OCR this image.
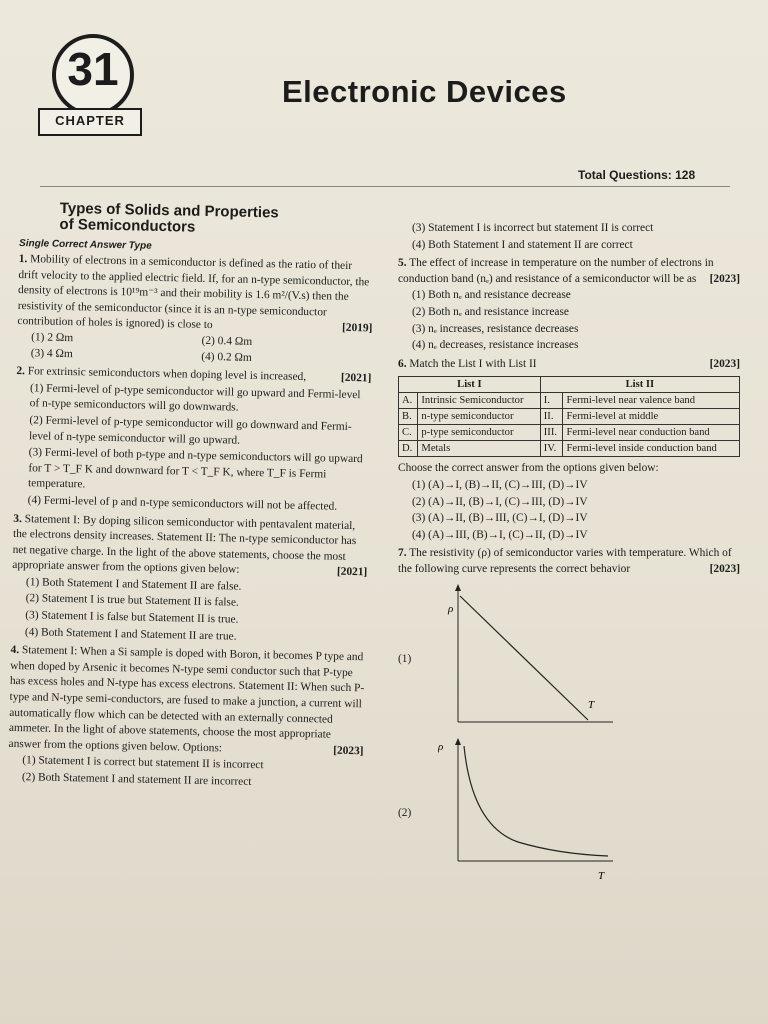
31
CHAPTER
Electronic Devices
Total Questions: 128
Types of Solids and Properties
of Semiconductors
Single Correct Answer Type
1. Mobility of electrons in a semiconductor is defined as the ratio of their drift velocity to the applied electric field. If, for an n-type semiconductor, the density of electrons is 10¹⁹m⁻³ and their mobility is 1.6 m²/(V.s) then the resistivity of the semiconductor (since it is an n-type semiconductor contribution of holes is ignored) is close to	[2019]
(1) 2 Ωm	(2) 0.4 Ωm
(3) 4 Ωm	(4) 0.2 Ωm
2. For extrinsic semiconductors when doping level is increased,	[2021]
(1) Fermi-level of p-type semiconductor will go upward and Fermi-level of n-type semiconductors will go downwards.
(2) Fermi-level of p-type semiconductor will go downward and Fermi-level of n-type semiconductor will go upward.
(3) Fermi-level of both p-type and n-type semiconductors will go upward for T > T_F K and downward for T < T_F K, where T_F is Fermi temperature.
(4) Fermi-level of p and n-type semiconductors will not be affected.
3. Statement I: By doping silicon semiconductor with pentavalent material, the electrons density increases. Statement II: The n-type semiconductor has net negative charge. In the light of the above statements, choose the most appropriate answer from the options given below:	[2021]
(1) Both Statement I and Statement II are false.
(2) Statement I is true but Statement II is false.
(3) Statement I is false but Statement II is true.
(4) Both Statement I and Statement II are true.
4. Statement I: When a Si sample is doped with Boron, it becomes P type and when doped by Arsenic it becomes N-type semi conductor such that P-type has excess holes and N-type has excess electrons. Statement II: When such P-type and N-type semi-conductors, are fused to make a junction, a current will automatically flow which can be detected with an externally connected ammeter. In the light of above statements, choose the most appropriate answer from the options given below. Options:	[2023]
(1) Statement I is correct but statement II is incorrect
(2) Both Statement I and statement II are incorrect
(3) Statement I is incorrect but statement II is correct
(4) Both Statement I and statement II are correct
5. The effect of increase in temperature on the number of electrons in conduction band (nₑ) and resistance of a semiconductor will be as [2023]
(1) Both nₑ and resistance decrease
(2) Both nₑ and resistance increase
(3) nₑ increases, resistance decreases
(4) nₑ decreases, resistance increases
6. Match the List I with List II	[2023]
List I		List II	
A.	Intrinsic Semiconductor	I.	Fermi-level near valence band
B.	n-type semiconductor	II.	Fermi-level at middle
C.	p-type semiconductor	III.	Fermi-level near conduction band
D.	Metals	IV.	Fermi-level inside conduction band
Choose the correct answer from the options given below:
(1) (A)→I, (B)→II, (C)→III, (D)→IV
(2) (A)→II, (B)→I, (C)→III, (D)→IV
(3) (A)→II, (B)→III, (C)→I, (D)→IV
(4) (A)→III, (B)→I, (C)→II, (D)→IV
7. The resistivity (ρ) of semiconductor varies with temperature. Which of the following curve represents the correct behavior	[2023]
(1)
ρ
T
(2)
ρ
T
